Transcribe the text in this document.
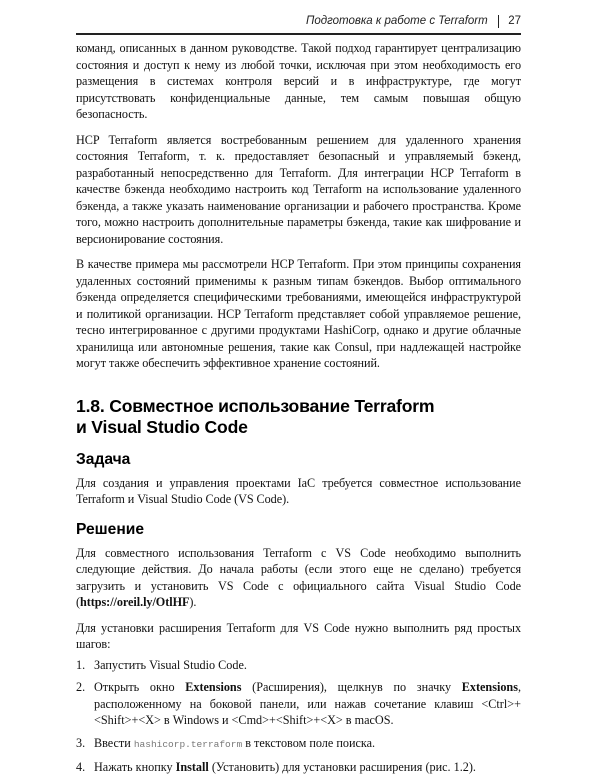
Подготовка к работе с Terraform 27

команд, описанных в данном руководстве. Такой подход гарантирует централизацию состояния и доступ к нему из любой точки, исключая при этом необходимость его размещения в системах контроля версий и в инфраструктуре, где могут присутствовать конфиденциальные данные, тем самым повышая общую безопасность.

HCP Terraform является востребованным решением для удаленного хранения состояния Terraform, т. к. предоставляет безопасный и управляемый бэкенд, разработанный непосредственно для Terraform. Для интеграции HCP Terraform в качестве бэкенда необходимо настроить код Terraform на использование удаленного бэкенда, а также указать наименование организации и рабочего пространства. Кроме того, можно настроить дополнительные параметры бэкенда, такие как шифрование и версионирование состояния.

В качестве примера мы рассмотрели HCP Terraform. При этом принципы сохранения удаленных состояний применимы к разным типам бэкендов. Выбор оптимального бэкенда определяется специфическими требованиями, имеющейся инфраструктурой и политикой организации. HCP Terraform представляет собой управляемое решение, тесно интегрированное с другими продуктами HashiCorp, однако и другие облачные хранилища или автономные решения, такие как Consul, при надлежащей настройке могут также обеспечить эффективное хранение состояний.

1.8. Совместное использование Terraform
и Visual Studio Code
Задача

Для создания и управления проектами IaC требуется совместное использование Terraform и Visual Studio Code (VS Code).

Решение

Для совместного использования Terraform с VS Code необходимо выполнить следующие действия. До начала работы (если этого еще не сделано) требуется загрузить и установить VS Code с официального сайта Visual Studio Code (https://oreil.ly/OtlHF).

Для установки расширения Terraform для VS Code нужно выполнить ряд простых шагов:

1. Запустить Visual Studio Code.
2. Открыть окно Extensions (Расширения), щелкнув по значку Extensions, расположенному на боковой панели, или нажав сочетание клавиш <Ctrl>+<Shift>+<X> в Windows и <Cmd>+<Shift>+<X> в macOS.
3. Ввести hashicorp.terraform в текстовом поле поиска.
4. Нажать кнопку Install (Установить) для установки расширения (рис. 1.2).
